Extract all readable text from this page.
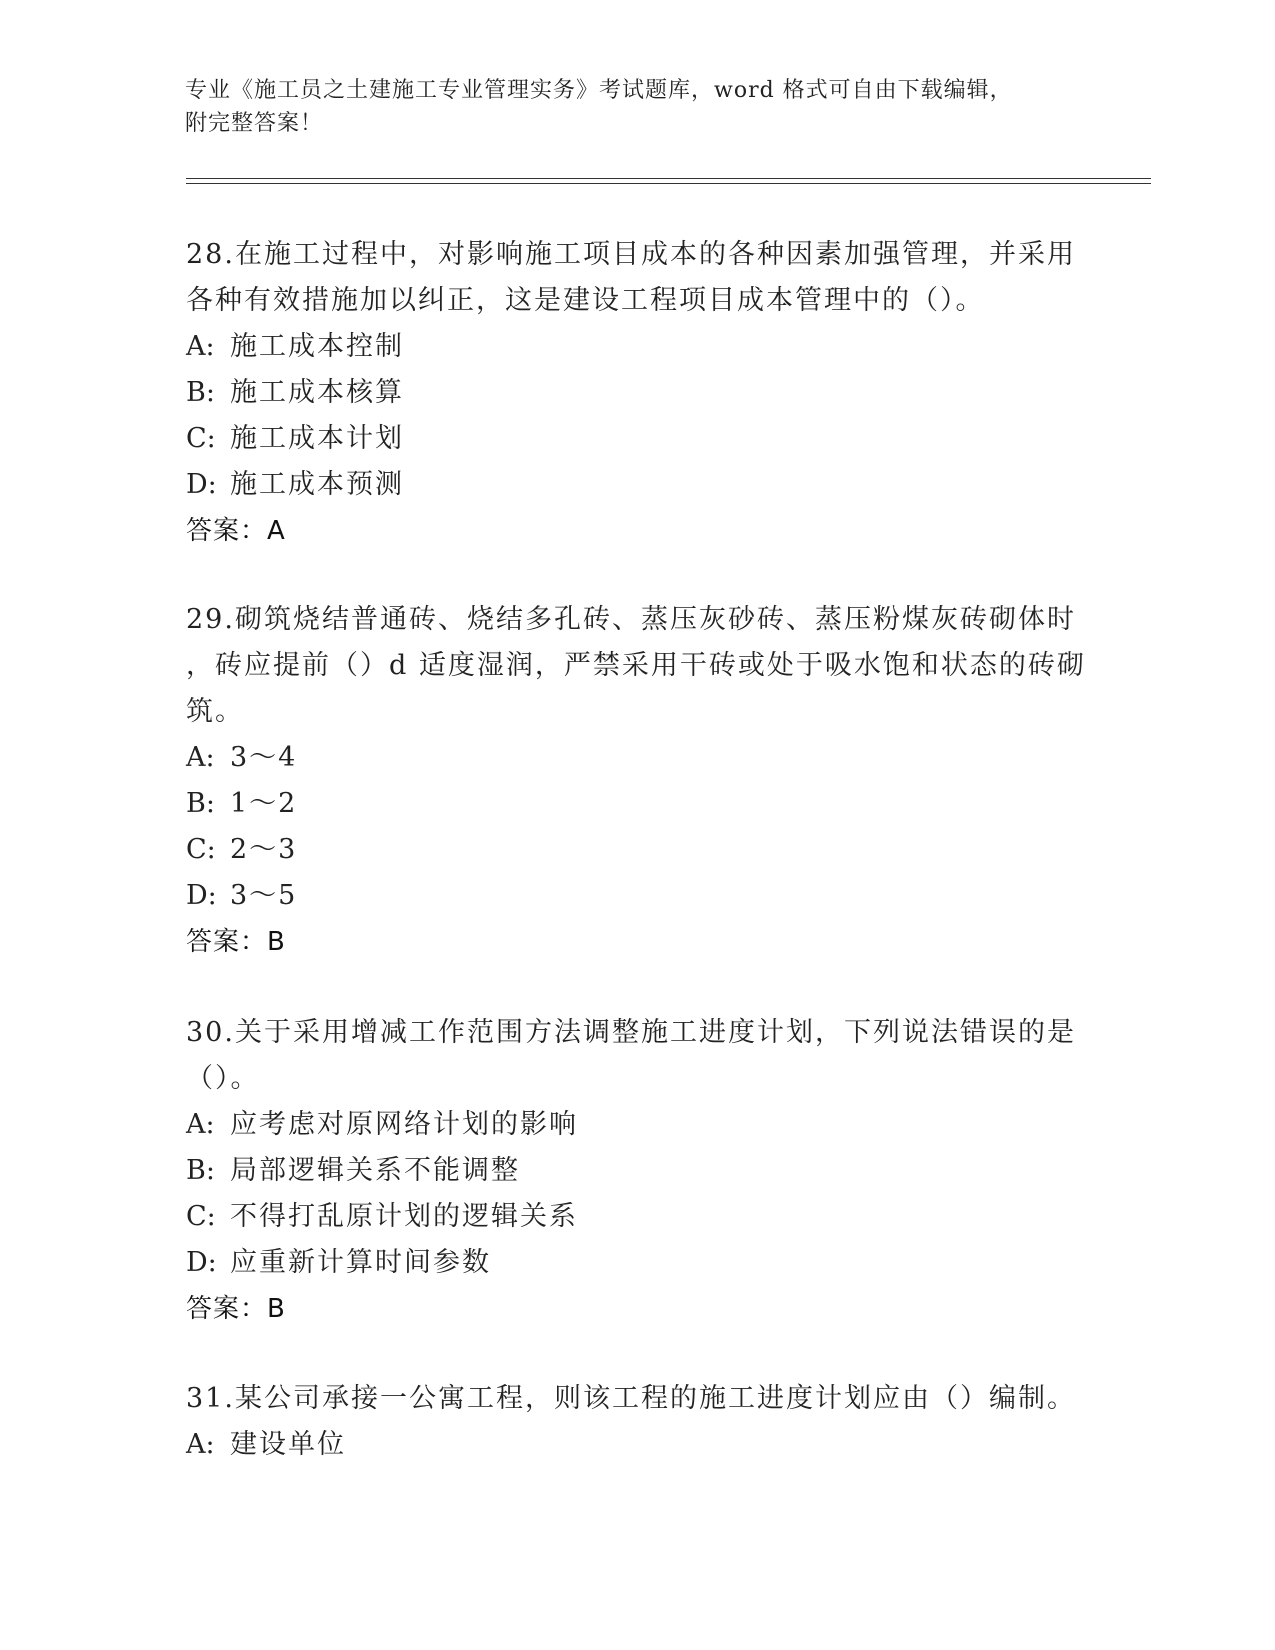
专业《施工员之土建施工专业管理实务》考试题库，word 格式可自由下载编辑，
附完整答案！

28.在施工过程中，对影响施工项目成本的各种因素加强管理，并采用
各种有效措施加以纠正，这是建设工程项目成本管理中的（）。

A: 施工成本控制

B: 施工成本核算

C: 施工成本计划

D: 施工成本预测

答案：A

29.砌筑烧结普通砖、烧结多孔砖、蒸压灰砂砖、蒸压粉煤灰砖砌体时
，砖应提前（）d 适度湿润，严禁采用干砖或处于吸水饱和状态的砖砌
筑。

A: 3～4

B: 1～2

C: 2～3

D: 3～5

答案：B

30.关于采用增减工作范围方法调整施工进度计划，下列说法错误的是
（）。

A: 应考虑对原网络计划的影响

B: 局部逻辑关系不能调整

C: 不得打乱原计划的逻辑关系

D: 应重新计算时间参数

答案：B

31.某公司承接一公寓工程，则该工程的施工进度计划应由（）编制。

A: 建设单位
